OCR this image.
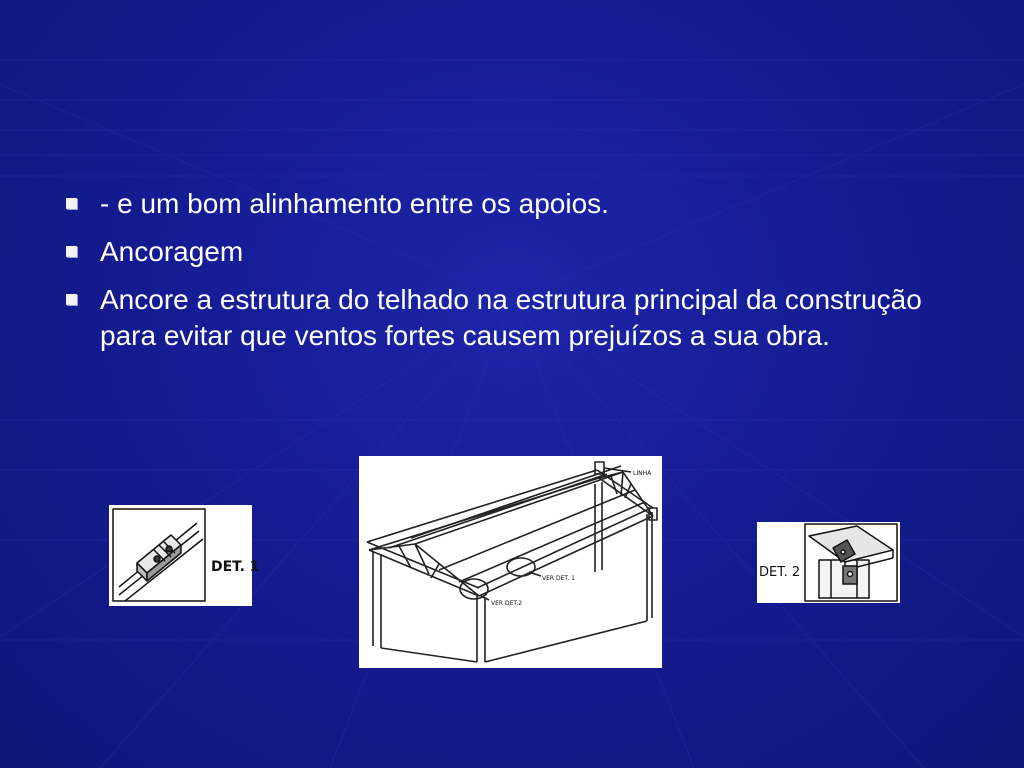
- e um bom alinhamento entre os apoios.
Ancoragem
Ancore a estrutura do telhado na estrutura principal da construção para evitar que ventos fortes causem prejuízos a sua obra.
LINHA
VER DET. 1
VER DET.2
DET. 1	DET. 2
